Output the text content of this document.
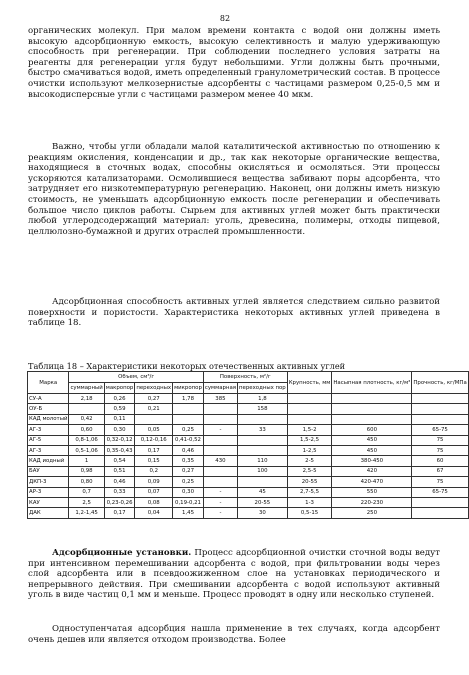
82

органических молекул. При малом времени контакта с водой они должны иметь высокую адсорбционную емкость, высокую селективность и малую удерживающую способность при регенерации. При соблюдении последнего условия затраты на реагенты для регенерации угля будут небольшими. Угли должны быть прочными, быстро смачиваться водой, иметь определенный гранулометрический состав. В процессе очистки используют мелкозернистые адсорбенты с частицами размером 0,25-0,5 мм и высокодисперсные угли с частицами размером менее 40 мкм.

Важно, чтобы угли обладали малой каталитической активностью по отношению к реакциям окисления, конденсации и др., так как некоторые органические вещества, находящиеся в сточных водах, способны окисляться и осмоляться. Эти процессы ускоряются катализаторами. Осмолившиеся вещества забивают поры адсорбента, что затрудняет его низкотемпературную регенерацию. Наконец, они должны иметь низкую стоимость, не уменьшать адсорбционную емкость после регенерации и обеспечивать большое число циклов работы. Сырьем для активных углей может быть практически любой углеродсодержащий материал: уголь, древесина, полимеры, отходы пищевой, целлюлозно-бумажной и других отраслей промышленности.

Адсорбционная способность активных углей является следствием сильно развитой поверхности и пористости. Характеристика некоторых активных углей приведена в таблице 18.

Таблица 18 – Характеристики некоторых отечественных активных углей
Марка	Объем, см³/г				Поверхность, м²/г		Крупность, мм	Насыпная плотность, кг/м³	Прочность, кг/МПа
	суммарный	макропор	переходных	микропор	суммарная	переходных пор			
СУ-А	2,18	0,26	0,27	1,78	385	1,8			
ОУ-Б		0,59	0,21			158			
КАД молотый	0,42	0,11							
АГ-3	0,60	0,30	0,05	0,25	-	33	1,5-2	600	65-75
АГ-5	0,8-1,06	0,32-0,12	0,12-0,16	0,41-0,52			1,5-2,5	450	75
АГ-3	0,5-1,06	0,35-0,43	0,17	0,46			1-2,5	450	75
КАД иодный	1	0,54	0,15	0,35	430	110	2-5	380-450	60
БАУ	0,98	0,51	0,2	0,27		100	2,5-5	420	67
ДКП-3	0,80	0,46	0,09	0,25			20-55	420-470	75
АР-3	0,7	0,33	0,07	0,30	-	45	2,7-5,5	550	65-75
КАУ	2,5	0,23-0,26	0,08	0,19-0,21	-	20-55	1-3	220-230	
ДАК	1,2-1,45	0,17	0,04	1,45	-	30	0,5-15	250	

Адсорбционные установки. Процесс адсорбционной очистки сточной воды ведут при интенсивном перемешивании адсорбента с водой, при фильтровании воды через слой адсорбента или в псевдоожиженном слое на установках периодического и непрерывного действия. При смешивании адсорбента с водой используют активный уголь в виде частиц 0,1 мм и меньше. Процесс проводят в одну или несколько ступеней.

Одноступенчатая адсорбция нашла применение в тех случаях, когда адсорбент очень дешев или является отходом производства. Более
